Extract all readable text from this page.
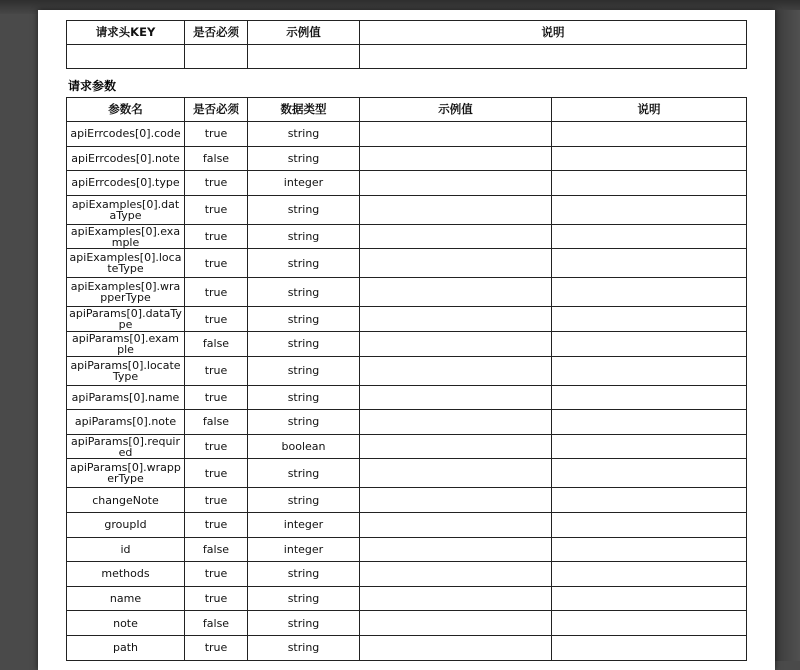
请求头KEY	是否必须	示例值	说明

请求参数
参数名	是否必须	数据类型	示例值	说明
apiErrcodes[0].code	true	string		
apiErrcodes[0].note	false	string		
apiErrcodes[0].type	true	integer		
apiExamples[0].dataType	true	string		
apiExamples[0].example	true	string		
apiExamples[0].locateType	true	string		
apiExamples[0].wrapperType	true	string		
apiParams[0].dataType	true	string		
apiParams[0].example	false	string		
apiParams[0].locateType	true	string		
apiParams[0].name	true	string		
apiParams[0].note	false	string		
apiParams[0].required	true	boolean		
apiParams[0].wrapperType	true	string		
changeNote	true	string		
groupId	true	integer		
id	false	integer		
methods	true	string		
name	true	string		
note	false	string		
path	true	string		
